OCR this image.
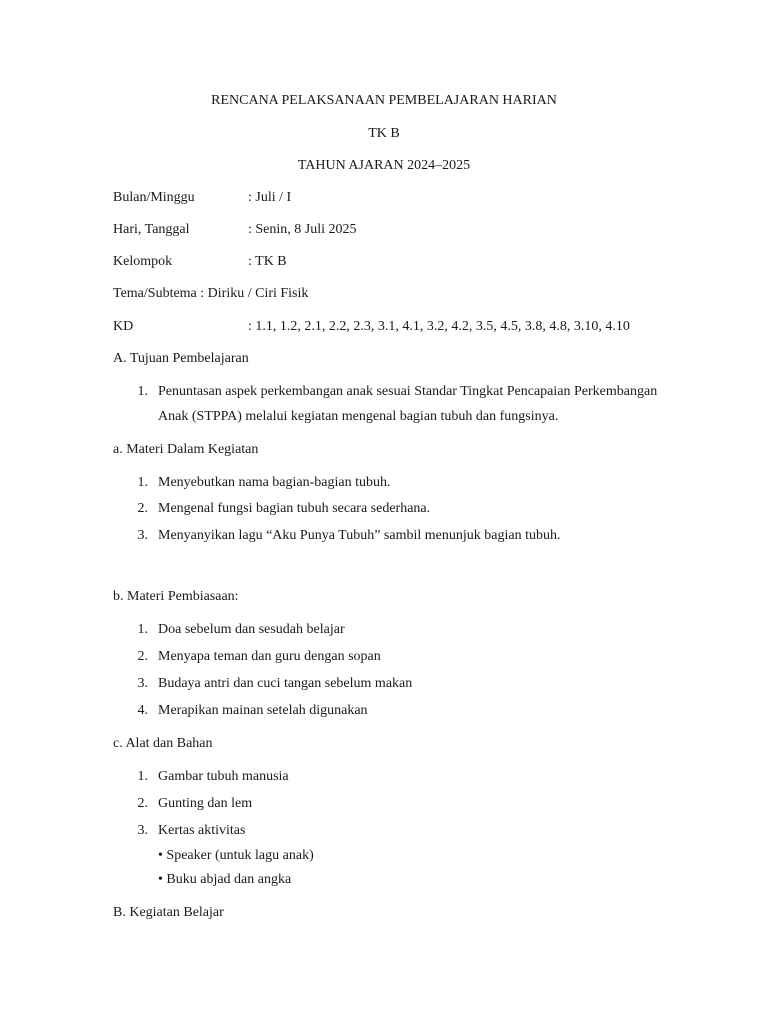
RENCANA PELAKSANAAN PEMBELAJARAN HARIAN
TK B
TAHUN AJARAN 2024–2025
Bulan/Minggu	: Juli / I
Hari, Tanggal	: Senin, 8 Juli 2025
Kelompok	: TK B
Tema/Subtema : Diriku / Ciri Fisik
KD	: 1.1, 1.2, 2.1, 2.2, 2.3, 3.1, 4.1, 3.2, 4.2, 3.5, 4.5, 3.8, 4.8, 3.10, 4.10
A. Tujuan Pembelajaran
1. Penuntasan aspek perkembangan anak sesuai Standar Tingkat Pencapaian Perkembangan
Anak (STPPA) melalui kegiatan mengenal bagian tubuh dan fungsinya.
a. Materi Dalam Kegiatan
1. Menyebutkan nama bagian-bagian tubuh.
2. Mengenal fungsi bagian tubuh secara sederhana.
3. Menyanyikan lagu “Aku Punya Tubuh” sambil menunjuk bagian tubuh.
b. Materi Pembiasaan:
1. Doa sebelum dan sesudah belajar
2. Menyapa teman dan guru dengan sopan
3. Budaya antri dan cuci tangan sebelum makan
4. Merapikan mainan setelah digunakan
c. Alat dan Bahan
1. Gambar tubuh manusia
2. Gunting dan lem
3. Kertas aktivitas
• Speaker (untuk lagu anak)
• Buku abjad dan angka
B. Kegiatan Belajar
